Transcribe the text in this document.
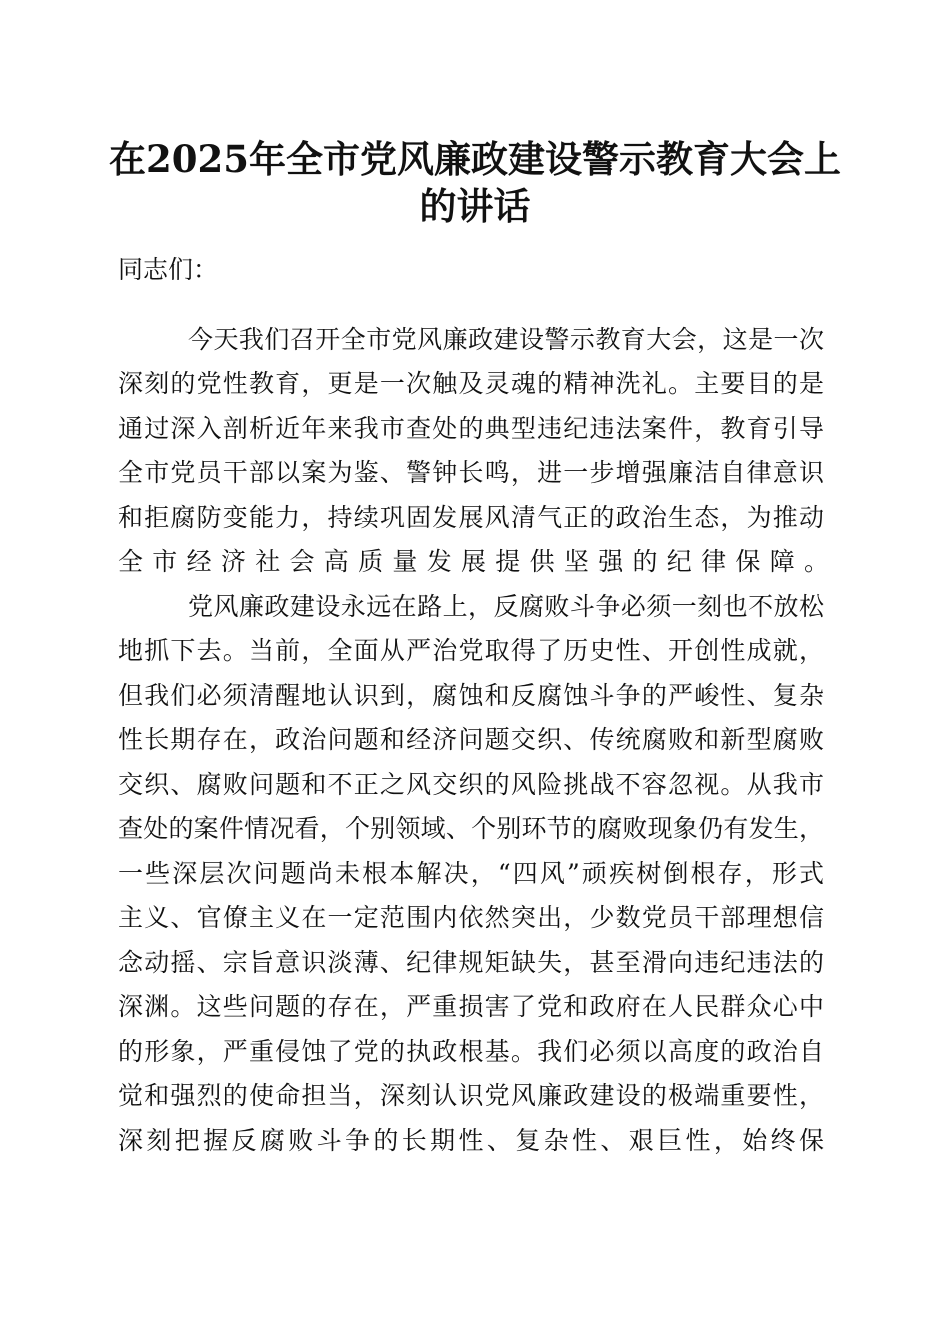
在2025年全市党风廉政建设警示教育大会上
的讲话
同志们：
今天我们召开全市党风廉政建设警示教育大会，这是一次
深刻的党性教育，更是一次触及灵魂的精神洗礼。主要目的是
通过深入剖析近年来我市查处的典型违纪违法案件，教育引导
全市党员干部以案为鉴、警钟长鸣，进一步增强廉洁自律意识
和拒腐防变能力，持续巩固发展风清气正的政治生态，为推动
全市经济社会高质量发展提供坚强的纪律保障。
党风廉政建设永远在路上，反腐败斗争必须一刻也不放松
地抓下去。当前，全面从严治党取得了历史性、开创性成就，
但我们必须清醒地认识到，腐蚀和反腐蚀斗争的严峻性、复杂
性长期存在，政治问题和经济问题交织、传统腐败和新型腐败
交织、腐败问题和不正之风交织的风险挑战不容忽视。从我市
查处的案件情况看，个别领域、个别环节的腐败现象仍有发生，
一些深层次问题尚未根本解决，“四风”顽疾树倒根存，形式
主义、官僚主义在一定范围内依然突出，少数党员干部理想信
念动摇、宗旨意识淡薄、纪律规矩缺失，甚至滑向违纪违法的
深渊。这些问题的存在，严重损害了党和政府在人民群众心中
的形象，严重侵蚀了党的执政根基。我们必须以高度的政治自
觉和强烈的使命担当，深刻认识党风廉政建设的极端重要性，
深刻把握反腐败斗争的长期性、复杂性、艰巨性，始终保
